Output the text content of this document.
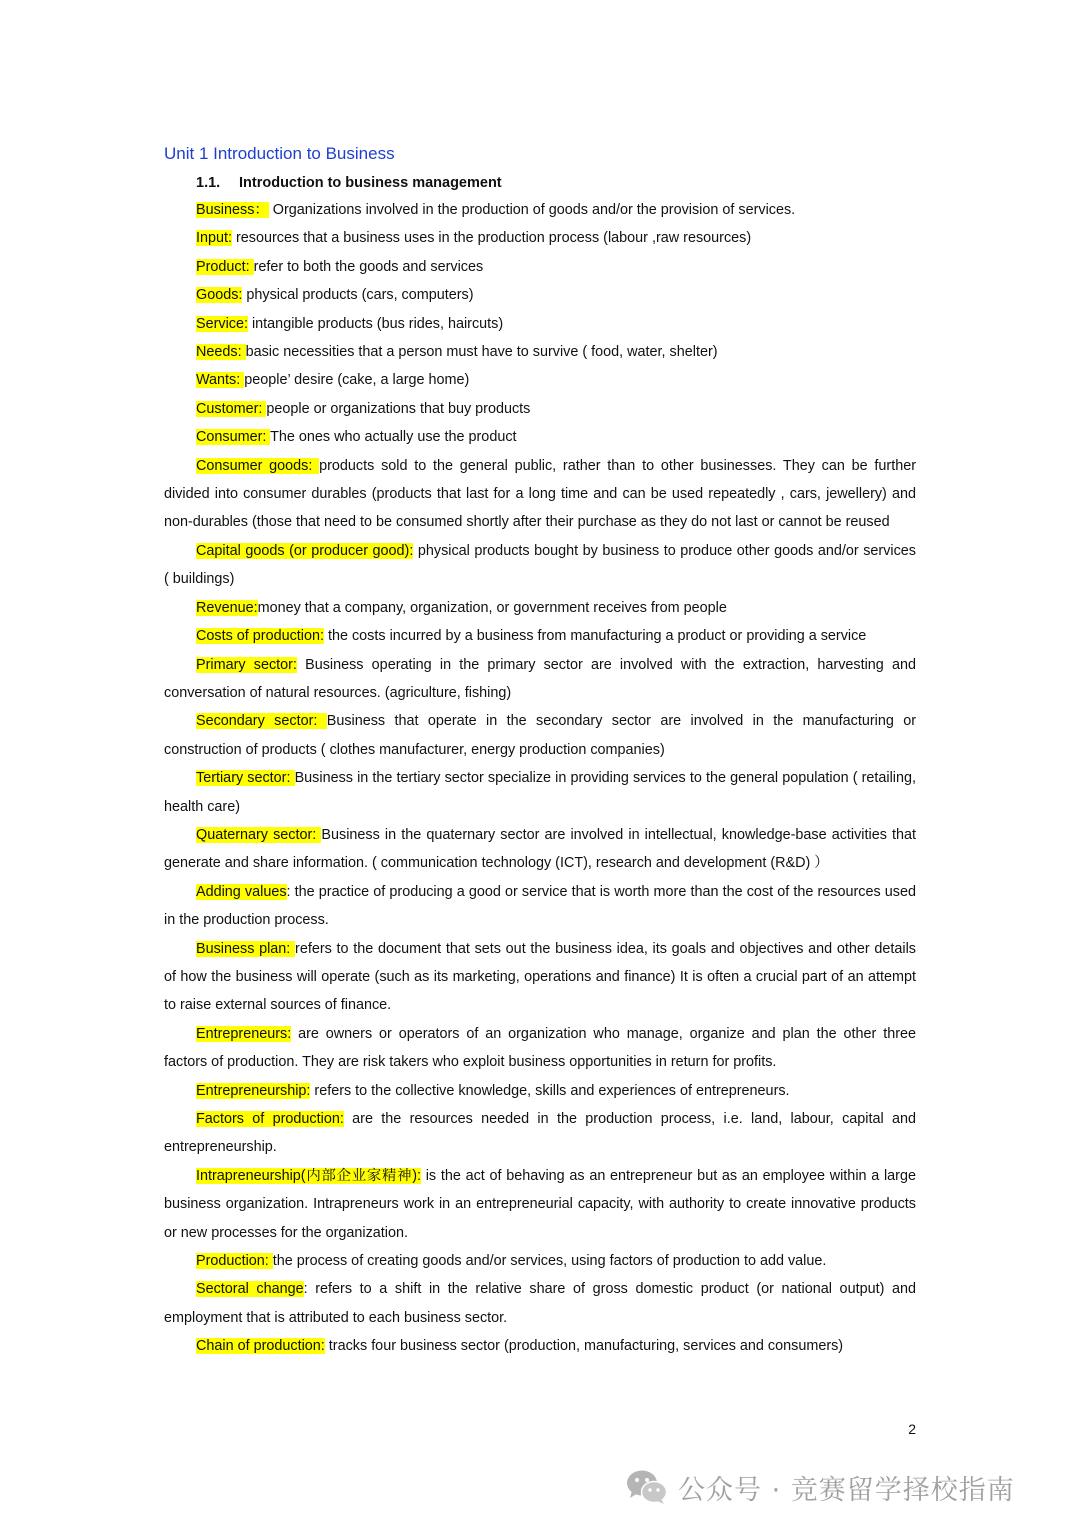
Unit 1 Introduction to Business
1.1. Introduction to business management

Business： Organizations involved in the production of goods and/or the provision of services.

Input: resources that a business uses in the production process (labour ,raw resources)

Product: refer to both the goods and services

Goods: physical products (cars, computers)

Service: intangible products (bus rides, haircuts)

Needs: basic necessities that a person must have to survive ( food, water, shelter)

Wants: people’ desire (cake, a large home)

Customer: people or organizations that buy products

Consumer: The ones who actually use the product

Consumer goods: products sold to the general public, rather than to other businesses. They can be further divided into consumer durables (products that last for a long time and can be used repeatedly , cars, jewellery) and non-durables (those that need to be consumed shortly after their purchase as they do not last or cannot be reused

Capital goods (or producer good): physical products bought by business to produce other goods and/or services ( buildings)

Revenue:money that a company, organization, or government receives from people

Costs of production: the costs incurred by a business from manufacturing a product or providing a service

Primary sector: Business operating in the primary sector are involved with the extraction, harvesting and conversation of natural resources. (agriculture, fishing)

Secondary sector: Business that operate in the secondary sector are involved in the manufacturing or construction of products ( clothes manufacturer, energy production companies)

Tertiary sector: Business in the tertiary sector specialize in providing services to the general population ( retailing, health care)

Quaternary sector: Business in the quaternary sector are involved in intellectual, knowledge-base activities that generate and share information. ( communication technology (ICT), research and development (R&D) ）

Adding values: the practice of producing a good or service that is worth more than the cost of the resources used in the production process.

Business plan: refers to the document that sets out the business idea, its goals and objectives and other details of how the business will operate (such as its marketing, operations and finance) It is often a crucial part of an attempt to raise external sources of finance.

Entrepreneurs: are owners or operators of an organization who manage, organize and plan the other three factors of production. They are risk takers who exploit business opportunities in return for profits.

Entrepreneurship: refers to the collective knowledge, skills and experiences of entrepreneurs.

Factors of production: are the resources needed in the production process, i.e. land, labour, capital and entrepreneurship.

Intrapreneurship(内部企业家精神): is the act of behaving as an entrepreneur but as an employee within a large business organization. Intrapreneurs work in an entrepreneurial capacity, with authority to create innovative products or new processes for the organization.

Production: the process of creating goods and/or services, using factors of production to add value.

Sectoral change: refers to a shift in the relative share of gross domestic product (or national output) and employment that is attributed to each business sector.

Chain of production: tracks four business sector (production, manufacturing, services and consumers)

2
公众号 · 竞赛留学择校指南
